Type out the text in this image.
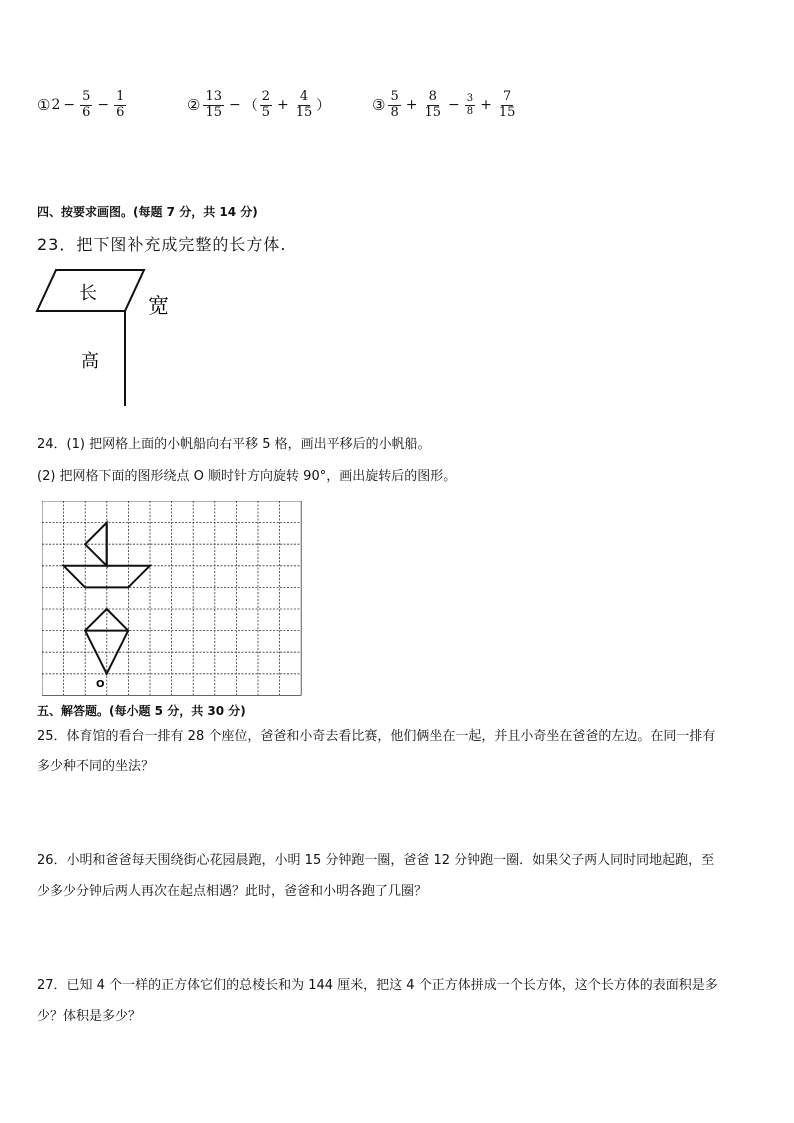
① $2 - \frac{5}{6} - \frac{1}{6}$	② $\frac{13}{15}$ − （ $\frac{2}{5} + \frac{4}{15}$ ）	③ $\frac{5}{8} + \frac{8}{15} - \frac{3}{8} + \frac{7}{15}$
四、按要求画图。(每题 7 分，共 14 分)
23．把下图补充成完整的长方体.
长
宽
高
24．(1) 把网格上面的小帆船向右平移 5 格，画出平移后的小帆船。
(2) 把网格下面的图形绕点 O 顺时针方向旋转 90°，画出旋转后的图形。
O
五、解答题。(每小题 5 分，共 30 分)
25．体育馆的看台一排有 28 个座位，爸爸和小奇去看比赛，他们俩坐在一起，并且小奇坐在爸爸的左边。在同一排有
多少种不同的坐法？
26．小明和爸爸每天围绕街心花园晨跑，小明 15 分钟跑一圈，爸爸 12 分钟跑一圈．如果父子两人同时同地起跑，至
少多少分钟后两人再次在起点相遇？此时，爸爸和小明各跑了几圈？
27．已知 4 个一样的正方体它们的总棱长和为 144 厘米，把这 4 个正方体拼成一个长方体，这个长方体的表面积是多
少？体积是多少？
